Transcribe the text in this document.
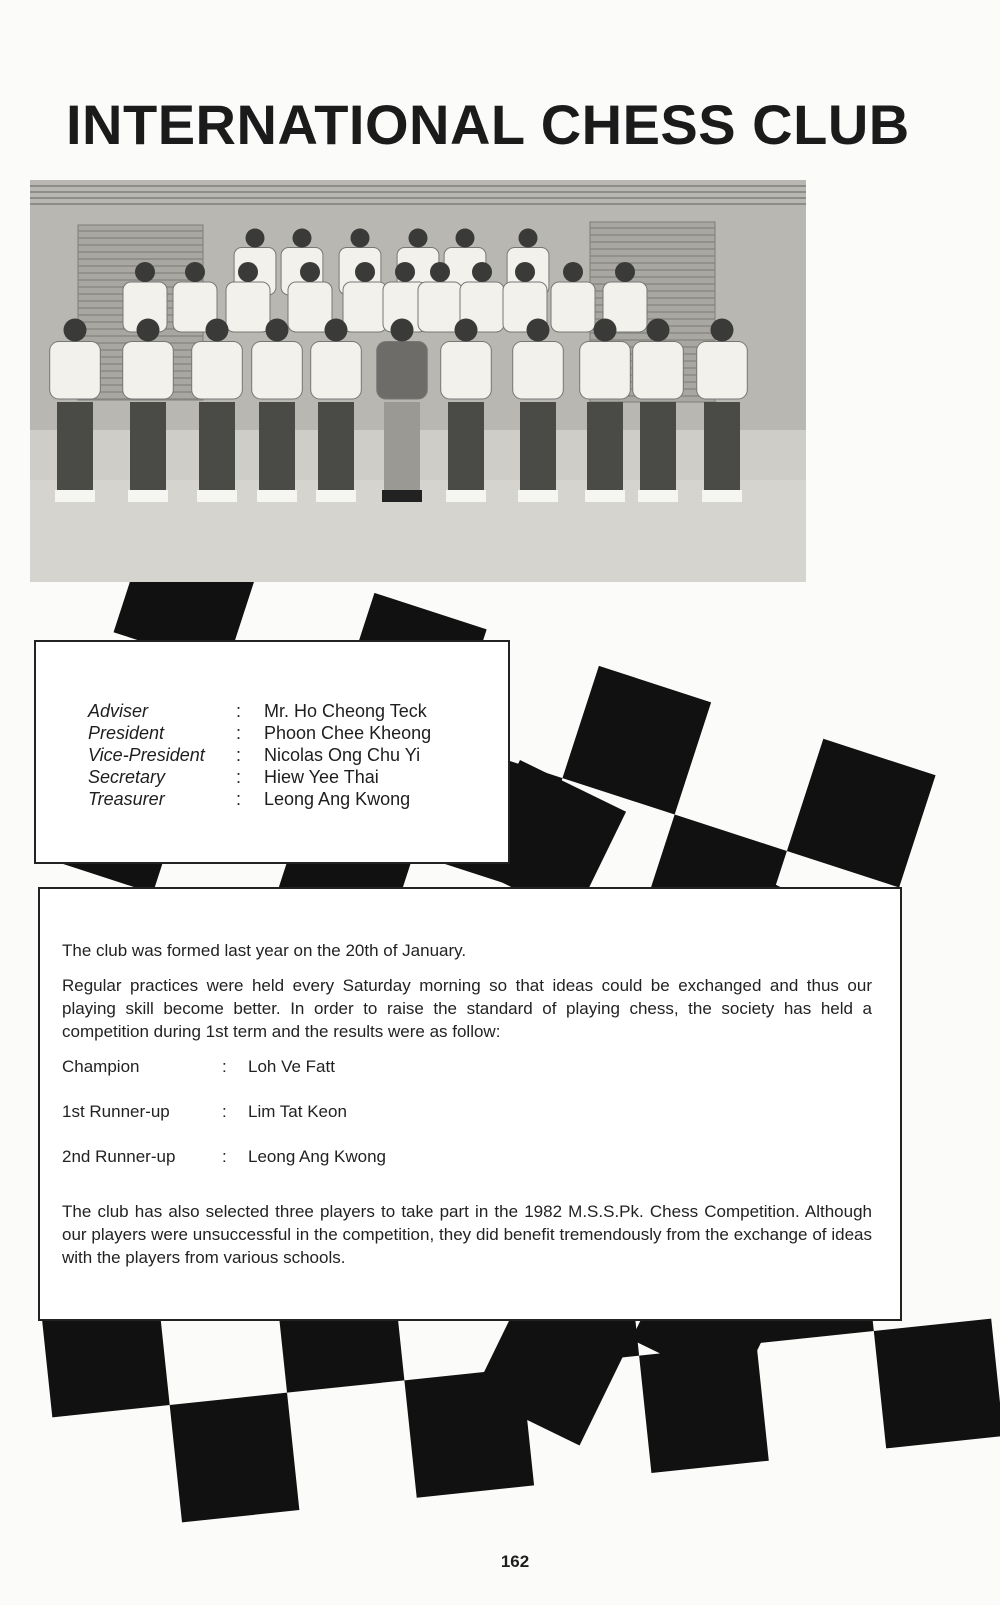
INTERNATIONAL CHESS CLUB
Adviser	:	Mr. Ho Cheong Teck
President	:	Phoon Chee Kheong
Vice-President	:	Nicolas Ong Chu Yi
Secretary	:	Hiew Yee Thai
Treasurer	:	Leong Ang Kwong

The club was formed last year on the 20th of January.

Regular practices were held every Saturday morning so that ideas could be exchanged and thus our playing skill become better. In order to raise the standard of playing chess, the society has held a competition during 1st term and the results were as follow:

Champion	:	Loh Ve Fatt
1st Runner-up	:	Lim Tat Keon
2nd Runner-up	:	Leong Ang Kwong

The club has also selected three players to take part in the 1982 M.S.S.Pk. Chess Competition. Although our players were unsuccessful in the competition, they did benefit tremendously from the exchange of ideas with the players from various schools.

162
